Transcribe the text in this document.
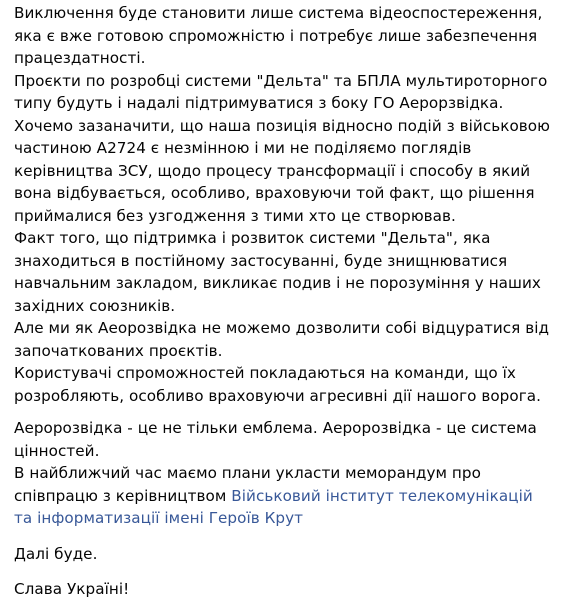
Виключення буде становити лише система відеоспостереження, яка є вже готовою спроможністю і потребує лише забезпечення працездатності.

Проєкти по розробці системи "Дельта" та БПЛА мультироторного типу будуть і надалі підтримуватися з боку ГО Аерорзвідка.

Хочемо зазаначити, що наша позиція відносно подій з військовою частиною А2724 є незмінною і ми не поділяємо поглядів керівництва ЗСУ, щодо процесу трансформації і способу в який вона відбувається, особливо, враховуючи той факт, що рішення приймалися без узгодження з тими хто це створював.

Факт того, що підтримка і розвиток системи "Дельта", яка знаходиться в постійному застосуванні, буде знищнюватися навчальним закладом, викликає подив і не порозуміння у наших західних союзників.

Але ми як Аеорозвідка не можемо дозволити собі відцуратися від започаткованих проєктів.

Користувачі спроможностей покладаються на команди, що їх розробляють, особливо враховуючи агресивні дії нашого ворога.

Аеророзвідка - це не тільки емблема. Аеророзвідка - це система цінностей.

В найближчий час маємо плани укласти меморандум про співпрацю з керівництвом Військовий інститут телекомунікацій та інформатизації імені Героїв Крут

Далі буде.

Слава Україні!
